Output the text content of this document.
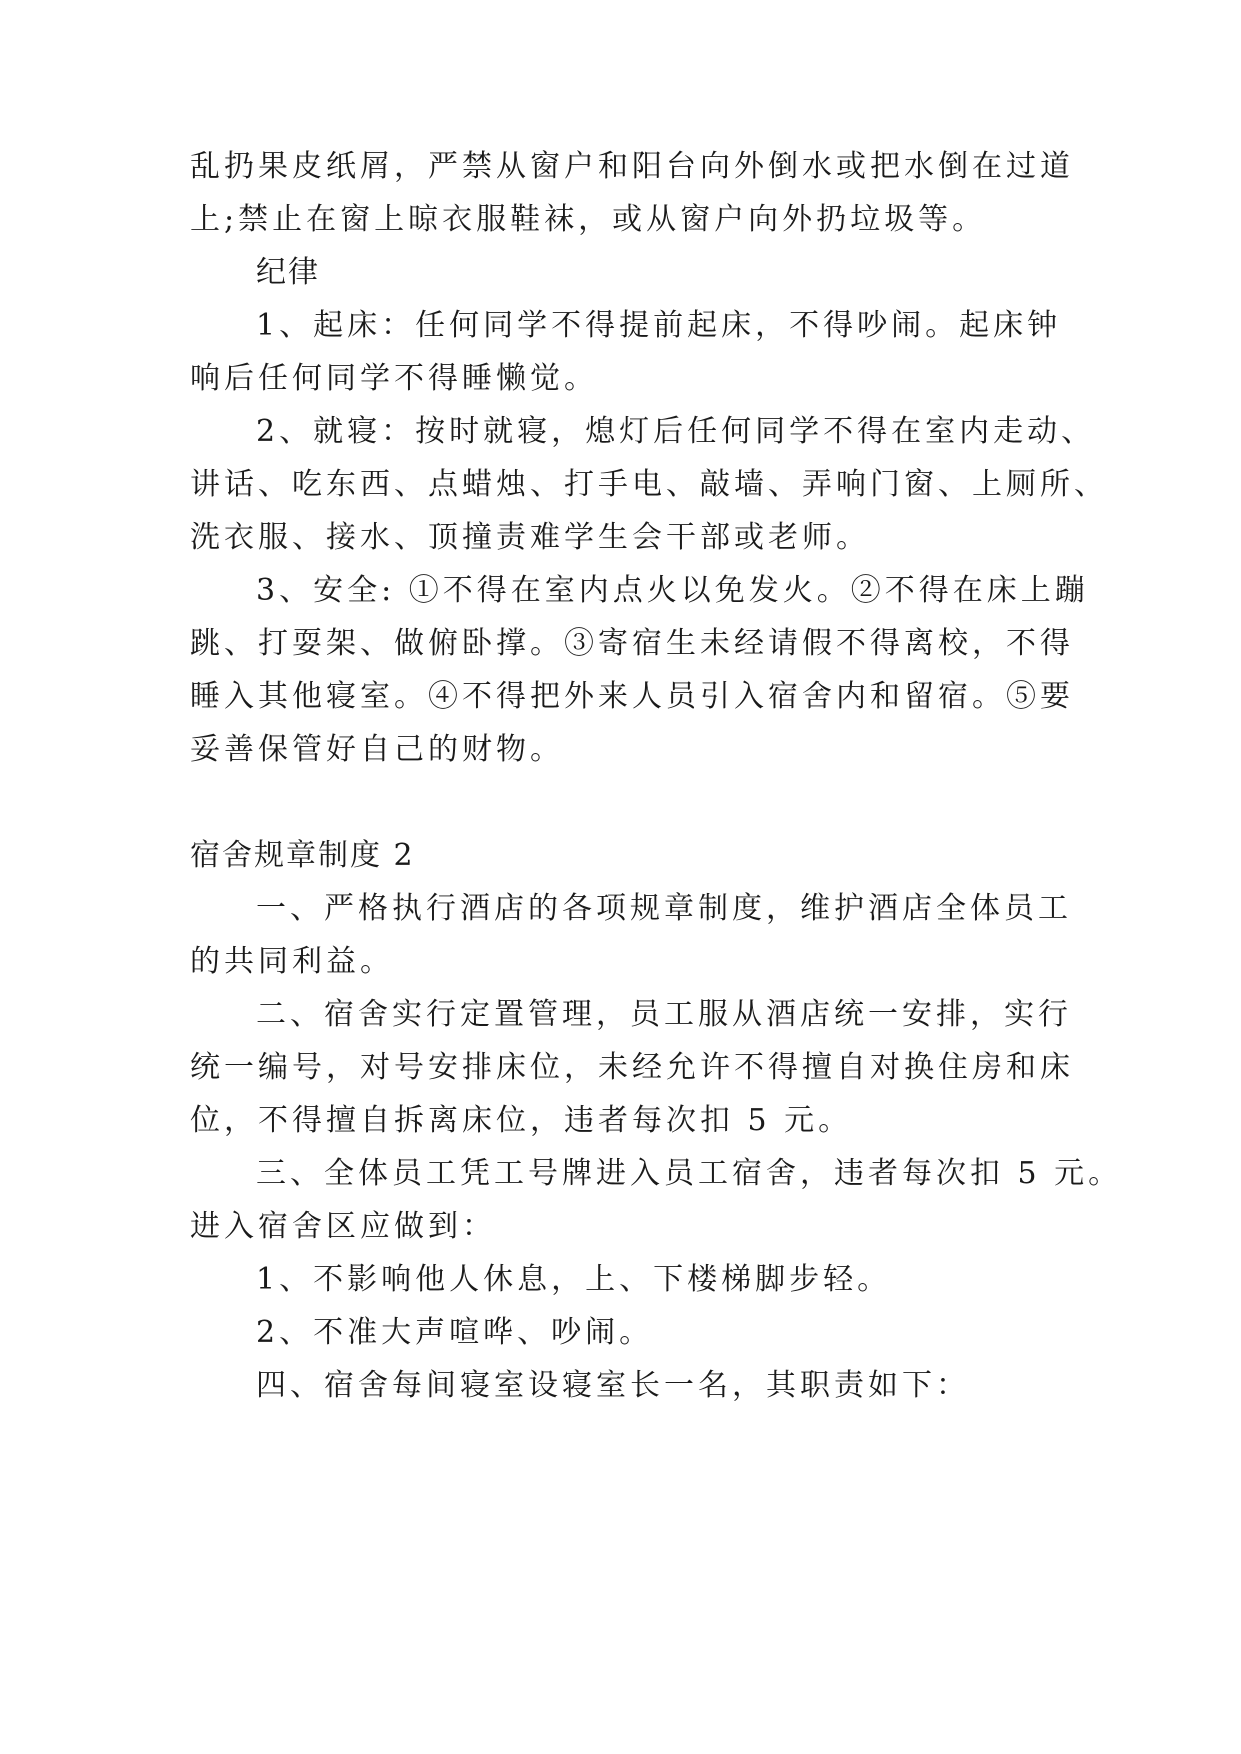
乱扔果皮纸屑，严禁从窗户和阳台向外倒水或把水倒在过道

上;禁止在窗上晾衣服鞋袜，或从窗户向外扔垃圾等。

纪律

1、起床：任何同学不得提前起床，不得吵闹。起床钟

响后任何同学不得睡懒觉。

2、就寝：按时就寝，熄灯后任何同学不得在室内走动、

讲话、吃东西、点蜡烛、打手电、敲墙、弄响门窗、上厕所、

洗衣服、接水、顶撞责难学生会干部或老师。

3、安全: ①不得在室内点火以免发火。②不得在床上蹦

跳、打耍架、做俯卧撑。③寄宿生未经请假不得离校，不得

睡入其他寝室。④不得把外来人员引入宿舍内和留宿。⑤要

妥善保管好自己的财物。

宿舍规章制度 2

一、严格执行酒店的各项规章制度，维护酒店全体员工

的共同利益。

二、宿舍实行定置管理，员工服从酒店统一安排，实行

统一编号，对号安排床位，未经允许不得擅自对换住房和床

位，不得擅自拆离床位，违者每次扣 5 元。

三、全体员工凭工号牌进入员工宿舍，违者每次扣 5 元。

进入宿舍区应做到：

1、不影响他人休息，上、下楼梯脚步轻。

2、不准大声喧哗、吵闹。

四、宿舍每间寝室设寝室长一名，其职责如下：
